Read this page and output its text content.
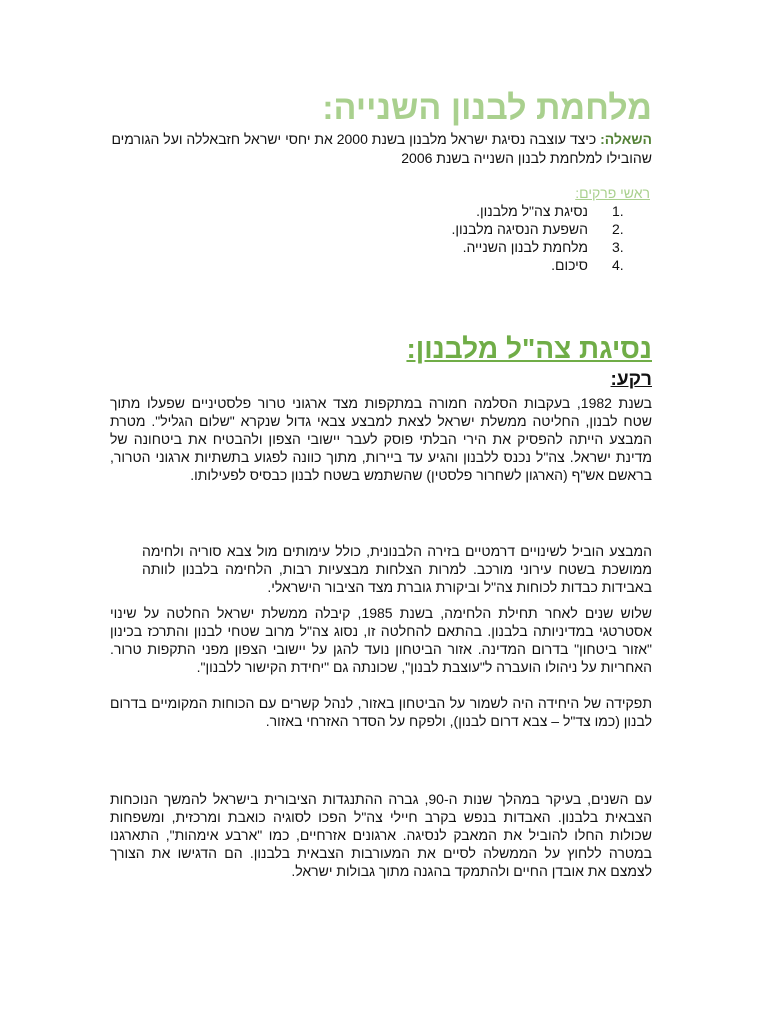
מלחמת לבנון השנייה:

השאלה: כיצד עוצבה נסיגת ישראל מלבנון בשנת 2000 את יחסי ישראל חזבאללה ועל הגורמים שהובילו למלחמת לבנון השנייה בשנת 2006

ראשי פרקים:

1.
נסיגת צה"ל מלבנון.
2.
השפעת הנסיגה מלבנון.
3.
מלחמת לבנון השנייה.
4.
סיכום.
נסיגת צה"ל מלבנון:
רקע:

בשנת 1982, בעקבות הסלמה חמורה במתקפות מצד ארגוני טרור פלסטיניים שפעלו מתוך שטח לבנון, החליטה ממשלת ישראל לצאת למבצע צבאי גדול שנקרא "שלום הגליל". מטרת המבצע הייתה להפסיק את הירי הבלתי פוסק לעבר יישובי הצפון ולהבטיח את ביטחונה של מדינת ישראל. צה"ל נכנס ללבנון והגיע עד ביירות, מתוך כוונה לפגוע בתשתיות ארגוני הטרור, בראשם אש"ף (הארגון לשחרור פלסטין) שהשתמש בשטח לבנון כבסיס לפעילותו.

המבצע הוביל לשינויים דרמטיים בזירה הלבנונית, כולל עימותים מול צבא סוריה ולחימה ממושכת בשטח עירוני מורכב. למרות הצלחות מבצעיות רבות, הלחימה בלבנון לוותה באבידות כבדות לכוחות צה"ל וביקורת גוברת מצד הציבור הישראלי.

שלוש שנים לאחר תחילת הלחימה, בשנת 1985, קיבלה ממשלת ישראל החלטה על שינוי אסטרטגי במדיניותה בלבנון. בהתאם להחלטה זו, נסוג צה"ל מרוב שטחי לבנון והתרכז בכינון "אזור ביטחון" בדרום המדינה. אזור הביטחון נועד להגן על יישובי הצפון מפני התקפות טרור. האחריות על ניהולו הועברה ל"עוצבת לבנון", שכונתה גם "יחידת הקישור ללבנון".

תפקידה של היחידה היה לשמור על הביטחון באזור, לנהל קשרים עם הכוחות המקומיים בדרום לבנון (כמו צד"ל – צבא דרום לבנון), ולפקח על הסדר האזרחי באזור.

עם השנים, בעיקר במהלך שנות ה-90, גברה ההתנגדות הציבורית בישראל להמשך הנוכחות הצבאית בלבנון. האבדות בנפש בקרב חיילי צה"ל הפכו לסוגיה כואבת ומרכזית, ומשפחות שכולות החלו להוביל את המאבק לנסיגה. ארגונים אזרחיים, כמו "ארבע אימהות", התארגנו במטרה ללחוץ על הממשלה לסיים את המעורבות הצבאית בלבנון. הם הדגישו את הצורך לצמצם את אובדן החיים ולהתמקד בהגנה מתוך גבולות ישראל.
